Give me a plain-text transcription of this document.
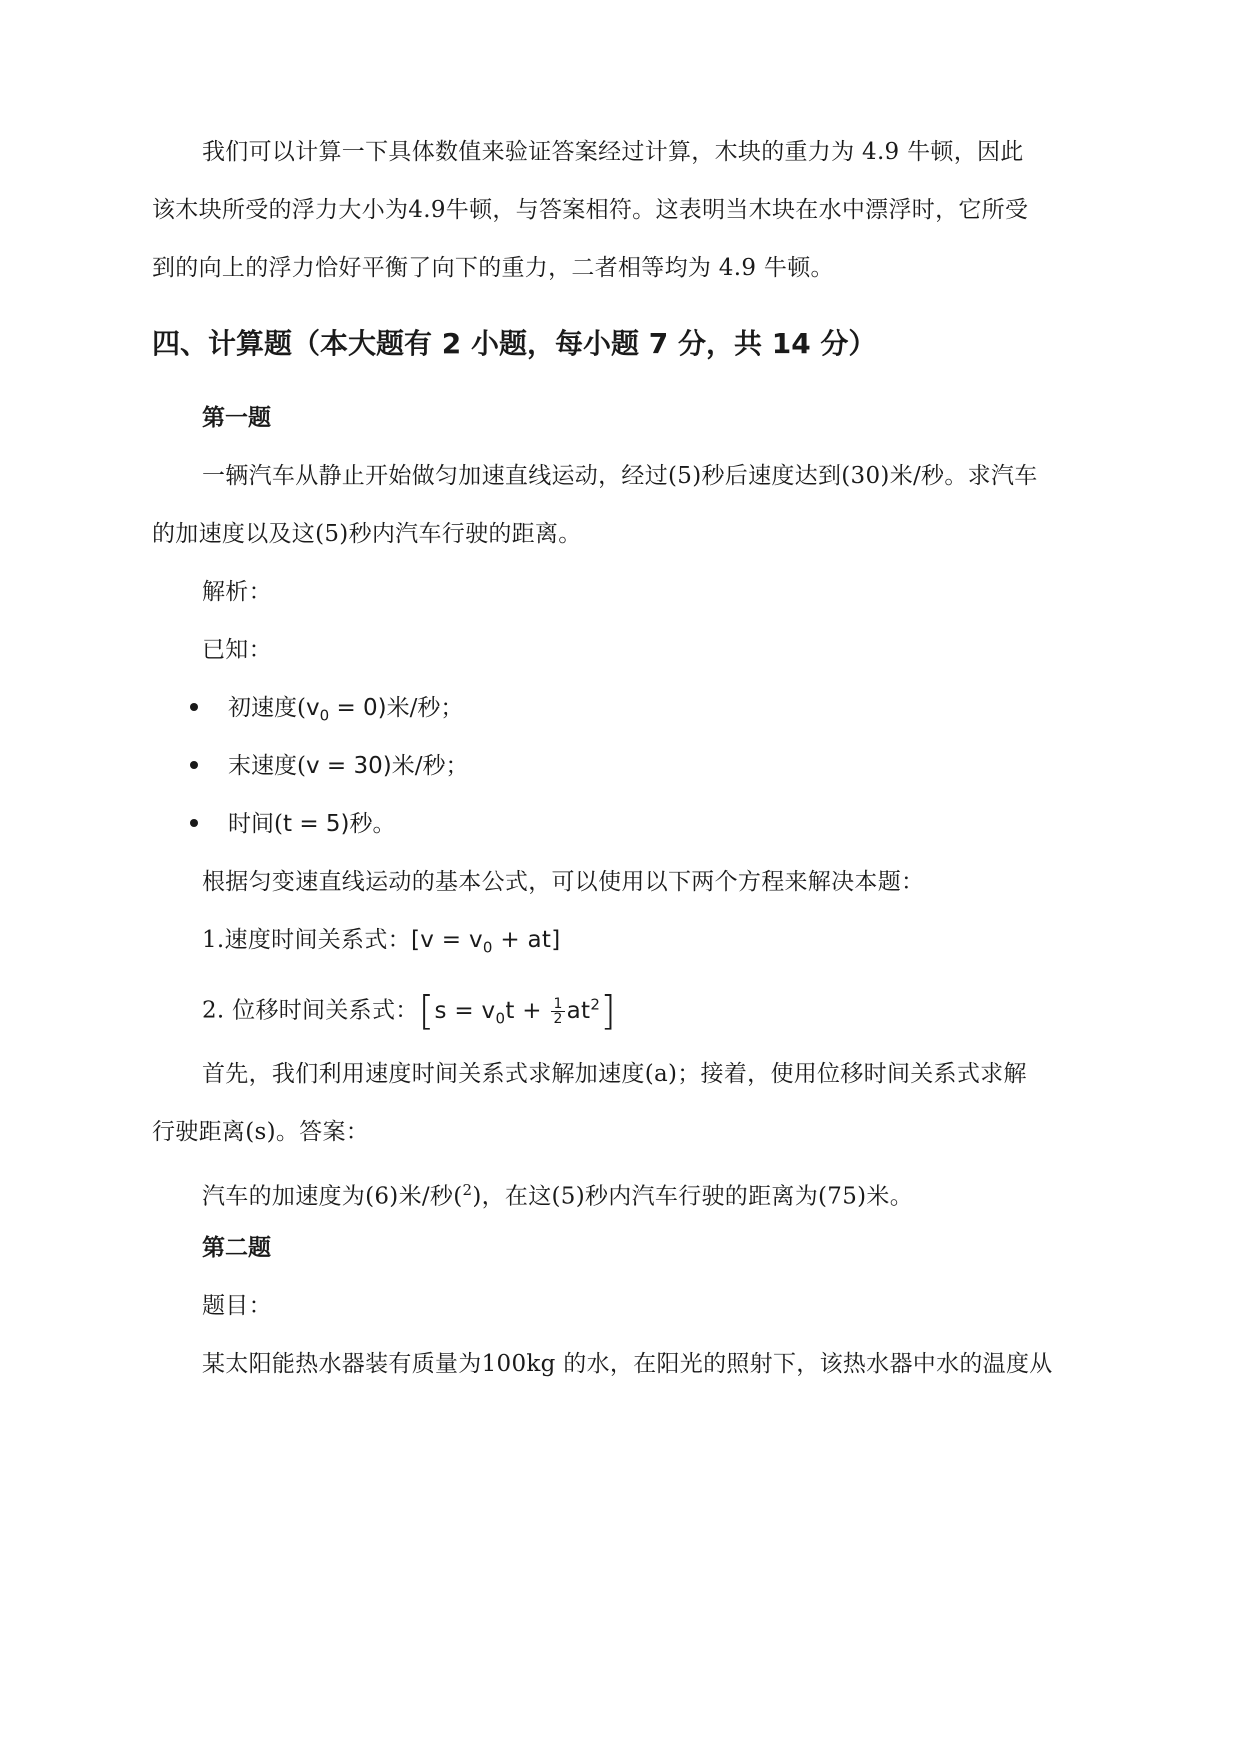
我们可以计算一下具体数值来验证答案经过计算，木块的重力为 4.9 牛顿，因此
该木块所受的浮力大小为4.9牛顿，与答案相符。这表明当木块在水中漂浮时，它所受
到的向上的浮力恰好平衡了向下的重力，二者相等均为 4.9 牛顿。
四、计算题（本大题有 2 小题，每小题 7 分，共 14 分）
第一题
一辆汽车从静止开始做匀加速直线运动，经过(5)秒后速度达到(30)米/秒。求汽车
的加速度以及这(5)秒内汽车行驶的距离。
解析：
已知：
初速度$(v_0 = 0)$米/秒；
末速度(v = 30)米/秒；
时间(t = 5)秒。
根据匀变速直线运动的基本公式，可以使用以下两个方程来解决本题：
1.速度时间关系式：$[v = v_0 + at]$
2. 位移时间关系式：$[s = v_0t + \frac{1}{2} at^2]$
首先，我们利用速度时间关系式求解加速度(a)；接着，使用位移时间关系式求解
行驶距离(s)。答案：
汽车的加速度为(6)米/秒($^2$)，在这(5)秒内汽车行驶的距离为(75)米。
第二题
题目：
某太阳能热水器装有质量为100kg 的水，在阳光的照射下，该热水器中水的温度从
